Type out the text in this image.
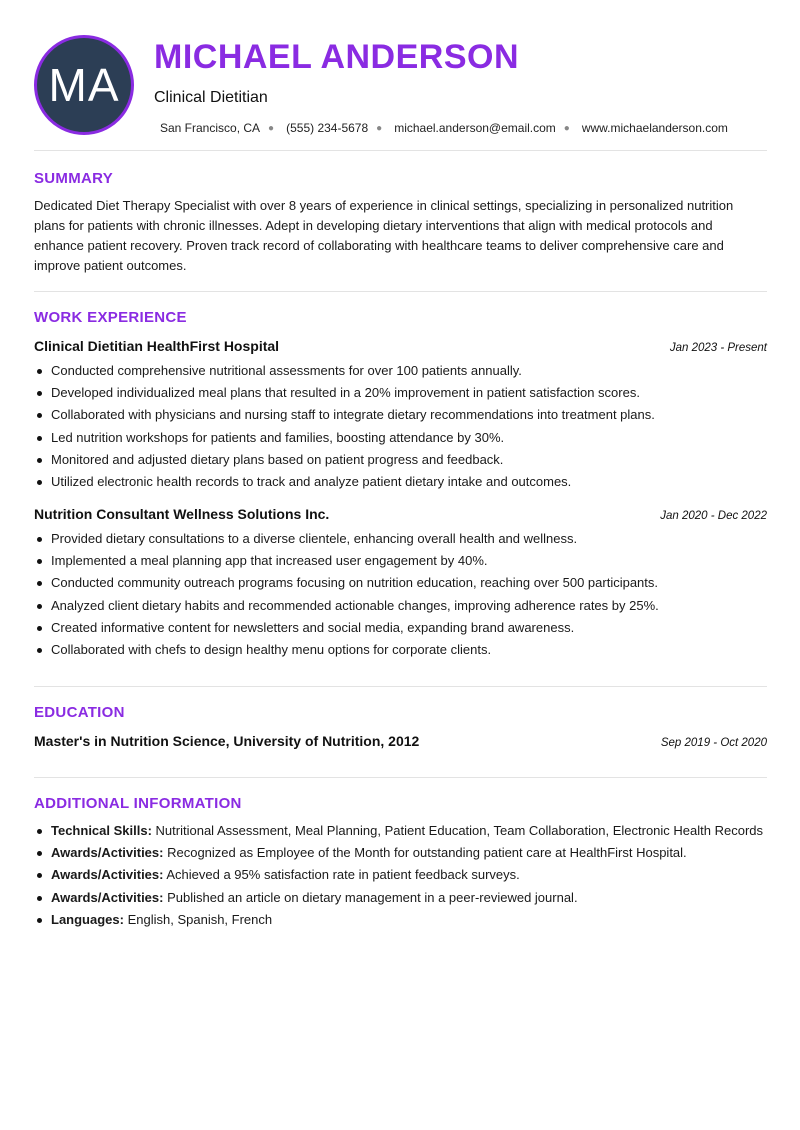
MA
MICHAEL ANDERSON
Clinical Dietitian
San Francisco, CA ● (555) 234-5678 ● michael.anderson@email.com ● www.michaelanderson.com
SUMMARY

Dedicated Diet Therapy Specialist with over 8 years of experience in clinical settings, specializing in personalized nutrition plans for patients with chronic illnesses. Adept in developing dietary interventions that align with medical protocols and enhance patient recovery. Proven track record of collaborating with healthcare teams to deliver comprehensive care and improve patient outcomes.

WORK EXPERIENCE
Clinical Dietitian HealthFirst Hospital	Jan 2023 - Present
Conducted comprehensive nutritional assessments for over 100 patients annually.
Developed individualized meal plans that resulted in a 20% improvement in patient satisfaction scores.
Collaborated with physicians and nursing staff to integrate dietary recommendations into treatment plans.
Led nutrition workshops for patients and families, boosting attendance by 30%.
Monitored and adjusted dietary plans based on patient progress and feedback.
Utilized electronic health records to track and analyze patient dietary intake and outcomes.
Nutrition Consultant Wellness Solutions Inc.	Jan 2020 - Dec 2022
Provided dietary consultations to a diverse clientele, enhancing overall health and wellness.
Implemented a meal planning app that increased user engagement by 40%.
Conducted community outreach programs focusing on nutrition education, reaching over 500 participants.
Analyzed client dietary habits and recommended actionable changes, improving adherence rates by 25%.
Created informative content for newsletters and social media, expanding brand awareness.
Collaborated with chefs to design healthy menu options for corporate clients.
EDUCATION
Master's in Nutrition Science, University of Nutrition, 2012	Sep 2019 - Oct 2020
ADDITIONAL INFORMATION
Technical Skills: Nutritional Assessment, Meal Planning, Patient Education, Team Collaboration, Electronic Health Records
Awards/Activities: Recognized as Employee of the Month for outstanding patient care at HealthFirst Hospital.
Awards/Activities: Achieved a 95% satisfaction rate in patient feedback surveys.
Awards/Activities: Published an article on dietary management in a peer-reviewed journal.
Languages: English, Spanish, French
